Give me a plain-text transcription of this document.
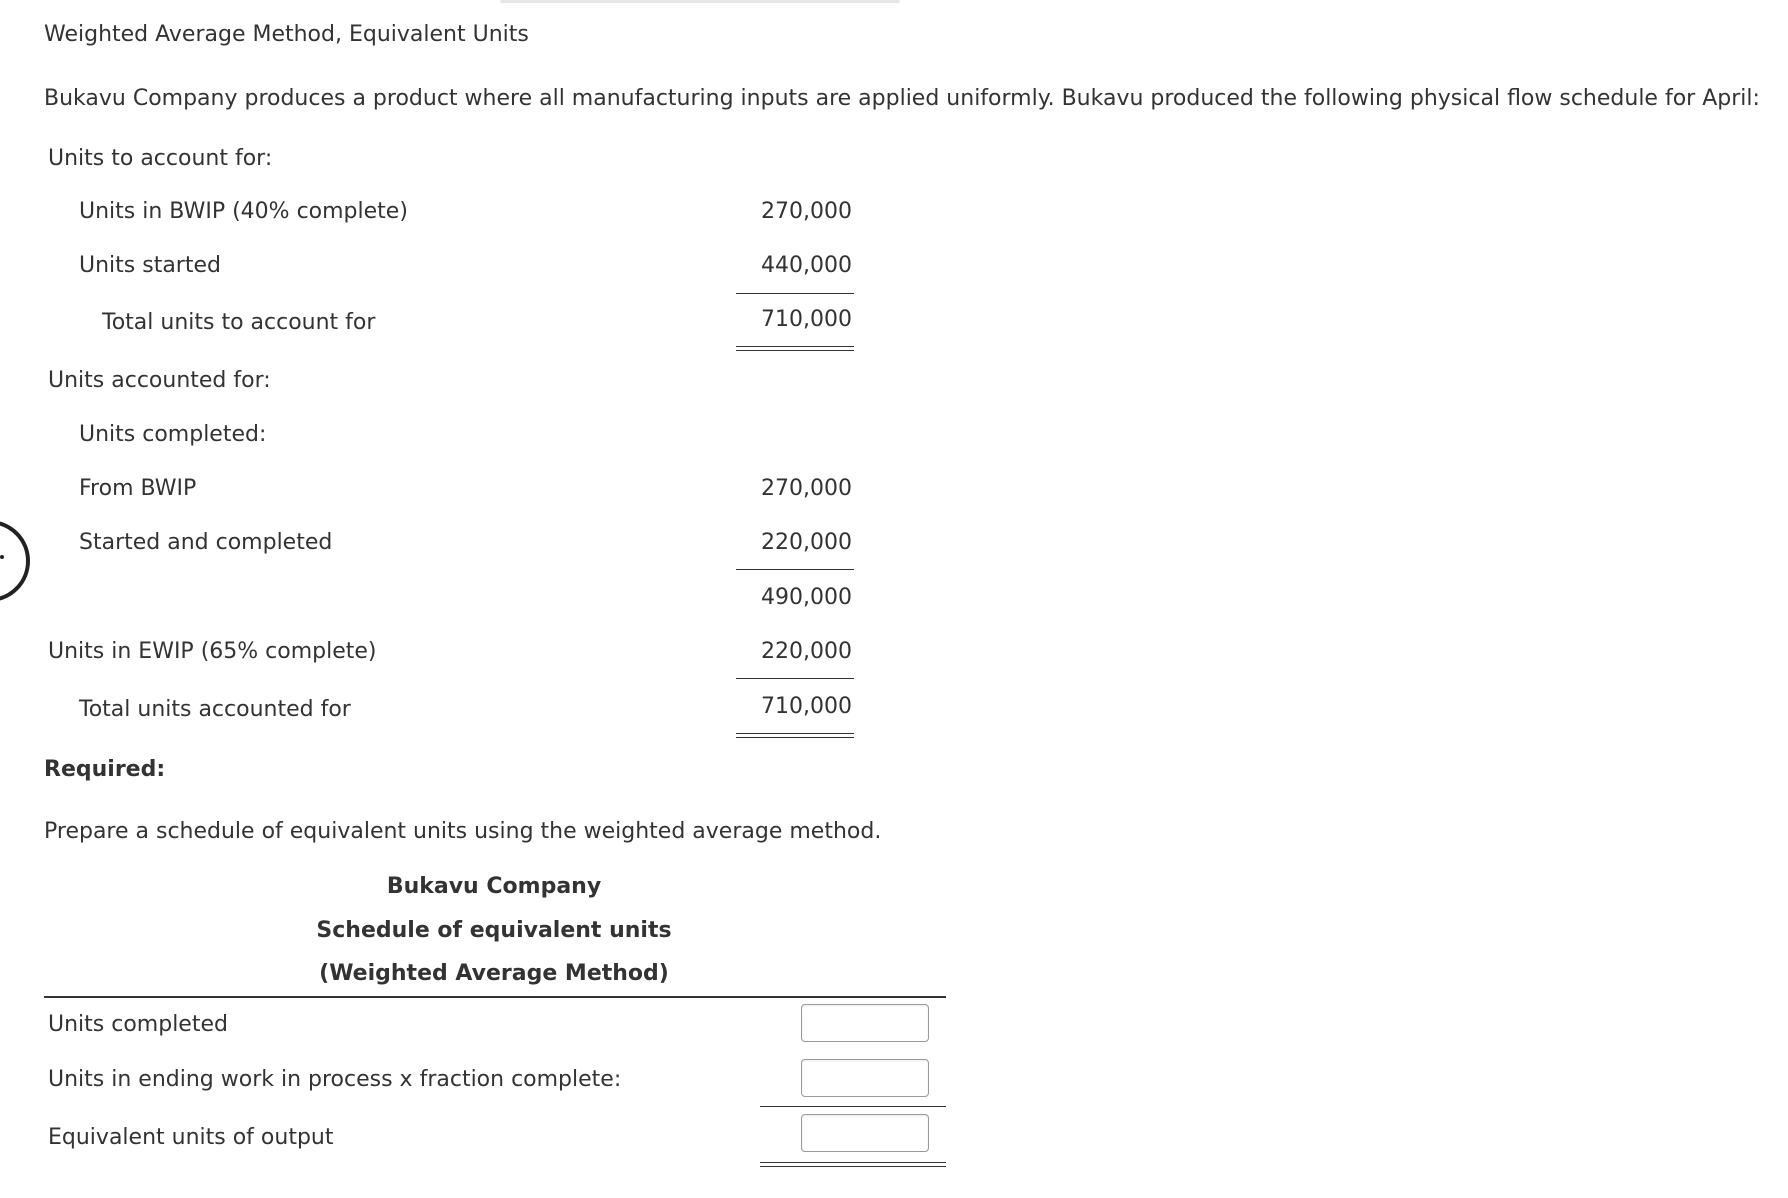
Weighted Average Method, Equivalent Units
Bukavu Company produces a product where all manufacturing inputs are applied uniformly. Bukavu produced the following physical flow schedule for April:
Units to account for:
Units in BWIP (40% complete)	270,000
Units started	440,000
Total units to account for	710,000
Units accounted for:
Units completed:
From BWIP	270,000
Started and completed	220,000
490,000
Units in EWIP (65% complete)	220,000
Total units accounted for	710,000
Required:
Prepare a schedule of equivalent units using the weighted average method.
Bukavu Company
Schedule of equivalent units
(Weighted Average Method)
Units completed
Units in ending work in process x fraction complete:
Equivalent units of output
